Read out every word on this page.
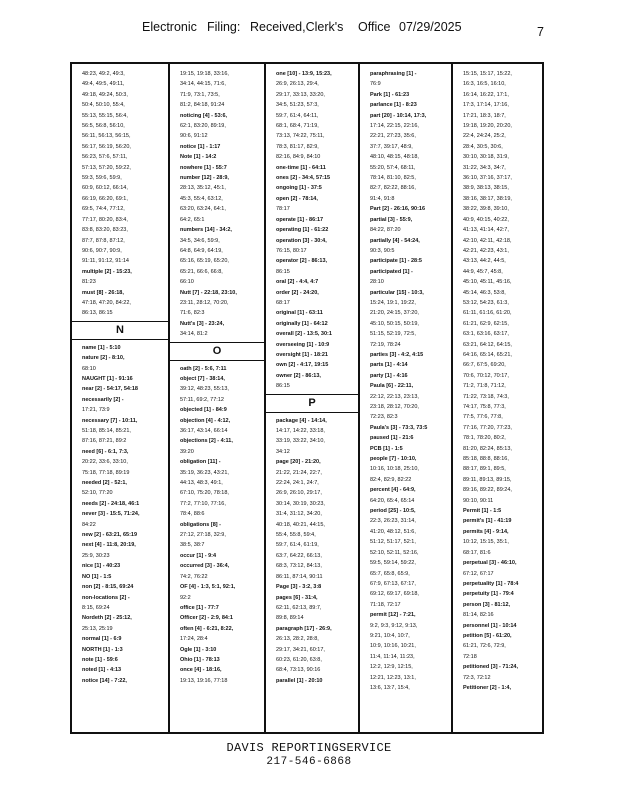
Electronic Filing: Received,Clerk's Office 07/29/2025	7
48:23, 49:2, 49:3,
49:4, 49:5, 49:11,
49:18, 49:24, 50:3,
50:4, 50:10, 55:4,
55:13, 55:15, 56:4,
56:5, 56:8, 56:10,
56:11, 56:13, 56:15,
56:17, 56:19, 56:20,
56:23, 57:6, 57:11,
57:13, 57:20, 59:22,
59:3, 59:6, 59:9,
60:9, 60:12, 66:14,
66:19, 66:20, 69:1,
69:5, 74:4, 77:12,
77:17, 80:20, 83:4,
83:8, 83:20, 83:23,
87:7, 87:8, 87:12,
90:6, 90:7, 90:9,
91:11, 91:12, 91:14
multiple [2] - 15:23,
81:23
must [8] - 26:18,
47:18, 47:20, 84:22,
86:13, 86:15
N
name [1] - 5:10
nature [2] - 8:10,
68:10
NAUGHT [1] - 91:16
near [2] - 54:17, 54:18
necessarily [2] -
17:21, 73:9
necessary [7] - 10:11,
51:18, 85:14, 85:21,
87:16, 87:21, 89:2
need [6] - 6:1, 7:3,
20:22, 33:6, 33:10,
75:18, 77:18, 89:19
needed [2] - 52:1,
52:10, 77:20
needs [2] - 24:18, 46:1
never [3] - 15:5, 71:24,
84:22
new [2] - 63:21, 65:19
next [4] - 11:8, 20:19,
25:9, 30:23
nice [1] - 40:23
NO [1] - 1:5
non [2] - 8:15, 69:24
non-locations [2] -
8:15, 69:24
Nordeth [2] - 25:12,
25:13, 25:19
normal [1] - 6:9
NORTH [1] - 1:3
note [1] - 59:6
noted [1] - 4:13
notice [14] - 7:22,
19:15, 19:18, 33:16,
34:14, 44:15, 71:6,
71:9, 73:1, 73:5,
81:2, 84:18, 91:24
noticing [4] - 53:6,
62:1, 83:20, 89:19,
90:6, 91:12
notice [1] - 1:17
Note [1] - 14:2
nowhere [1] - 55:7
number [12] - 28:9,
28:13, 35:12, 45:1,
45:3, 55:4, 63:12,
63:20, 63:24, 64:1,
64:2, 65:1
numbers [14] - 34:2,
34:5, 34:6, 59:9,
64:8, 64:9, 64:19,
65:16, 65:19, 65:20,
65:21, 66:6, 66:8,
66:10
Nutt [7] - 22:18, 23:10,
23:11, 28:12, 70:20,
71:6, 82:3
Nutt's [3] - 23:24,
34:14, 81:2
O
oath [2] - 5:6, 7:11
object [7] - 38:14,
39:12, 48:23, 55:13,
57:11, 69:2, 77:12
objected [1] - 84:9
objection [4] - 4:12,
36:17, 43:14, 66:14
objections [2] - 4:11,
39:20
obligation [11] -
35:19, 36:23, 43:21,
44:13, 48:3, 49:1,
67:10, 75:20, 78:18,
77:2, 77:10, 77:16,
78:4, 88:6
obligations [8] -
27:12, 27:18, 32:9,
38:5, 38:7
occur [1] - 9:4
occurred [3] - 36:4,
74:2, 76:22
OF [4] - 1:3, 5:1, 92:1,
92:2
office [1] - 77:7
Officer [2] - 2:9, 84:1
often [4] - 6:21, 8:22,
17:24, 28:4
Ogle [1] - 3:10
Ohio [1] - 78:13
once [4] - 18:16,
19:13, 19:16, 77:18
one [10] - 13:9, 15:23,
26:9, 26:13, 29:4,
29:17, 33:13, 33:20,
34:5, 51:23, 57:3,
59:7, 61:4, 64:11,
68:1, 68:4, 71:19,
73:13, 74:22, 75:11,
78:3, 81:17, 82:9,
82:16, 84:9, 84:10
one-time [1] - 64:11
ones [2] - 34:4, 57:15
ongoing [1] - 37:5
open [2] - 78:14,
78:17
operate [1] - 86:17
operating [1] - 61:22
operation [3] - 30:4,
76:15, 80:17
operator [2] - 86:13,
86:15
oral [2] - 4:4, 4:7
order [2] - 24:20,
68:17
original [1] - 63:11
originally [1] - 64:12
overall [2] - 13:5, 30:1
overseeing [1] - 10:9
oversight [1] - 18:21
own [2] - 4:17, 19:15
owner [2] - 86:13,
86:15
P
package [4] - 14:14,
14:17, 14:22, 33:18,
33:19, 33:22, 34:10,
34:12
page [20] - 21:20,
21:22, 21:24, 22:7,
22:24, 24:1, 24:7,
26:9, 26:10, 29:17,
30:14, 30:19, 30:23,
31:4, 31:12, 34:20,
40:18, 40:21, 44:15,
55:4, 55:8, 59:4,
59:7, 61:4, 61:19,
63:7, 64:22, 66:13,
68:3, 73:12, 84:13,
86:11, 87:14, 90:11
Page [3] - 3:2, 3:8
pages [6] - 31:4,
62:11, 62:13, 89:7,
89:8, 89:14
paragraph [17] - 26:9,
26:13, 28:2, 28:8,
29:17, 34:21, 60:17,
60:23, 61:20, 63:8,
68:4, 73:13, 90:16
parallel [1] - 20:10
paraphrasing [1] -
76:9
Park [1] - 61:23
parlance [1] - 8:23
part [20] - 10:14, 17:3,
17:14, 22:15, 22:16,
22:21, 27:23, 35:6,
37:7, 39:17, 48:9,
48:10, 48:15, 48:18,
55:20, 57:4, 68:11,
78:14, 81:10, 82:5,
82:7, 82:22, 88:16,
91:4, 91:8
Part [2] - 26:16, 90:16
partial [3] - 55:9,
84:22, 87:20
partially [4] - 54:24,
90:3, 90:5
participate [1] - 28:5
participated [1] -
28:10
particular [15] - 10:3,
15:24, 19:1, 19:22,
21:20, 24:15, 37:20,
45:10, 50:15, 50:19,
51:15, 52:19, 72:5,
72:19, 78:24
parties [3] - 4:2, 4:15
parts [1] - 4:14
party [1] - 4:16
Paula [6] - 22:11,
22:12, 22:13, 23:13,
23:18, 28:12, 70:20,
72:23, 82:3
Paula's [3] - 73:3, 73:5
paused [1] - 21:6
PCB [1] - 1:5
people [7] - 10:10,
10:16, 10:18, 25:10,
82:4, 82:9, 82:22
percent [4] - 64:9,
64:20, 65:4, 65:14
period [25] - 10:5,
22:3, 26:23, 31:14,
41:20, 48:12, 51:6,
51:12, 51:17, 52:1,
52:10, 52:11, 52:16,
59:5, 59:14, 59:22,
65:7, 65:8, 65:9,
67:9, 67:13, 67:17,
69:12, 69:17, 69:18,
71:18, 72:17
permit [12] - 7:21,
9:2, 9:3, 9:12, 9:13,
9:21, 10:4, 10:7,
10:9, 10:16, 10:21,
11:4, 11:14, 11:23,
12:2, 12:9, 12:15,
12:21, 12:23, 13:1,
13:6, 13:7, 15:4,
15:15, 15:17, 15:22,
16:3, 16:5, 16:10,
16:14, 16:22, 17:1,
17:3, 17:14, 17:16,
17:21, 18:3, 18:7,
19:18, 19:20, 20:20,
22:4, 24:24, 25:2,
28:4, 30:5, 30:6,
30:10, 30:18, 31:9,
31:22, 34:3, 34:7,
36:10, 37:16, 37:17,
38:9, 38:13, 38:15,
38:16, 38:17, 38:19,
38:22, 39:8, 39:10,
40:9, 40:15, 40:22,
41:13, 41:14, 42:7,
42:10, 42:11, 42:18,
42:21, 42:23, 43:1,
43:13, 44:2, 44:5,
44:9, 45:7, 45:8,
45:10, 45:11, 45:16,
45:14, 46:3, 53:8,
53:12, 54:23, 61:3,
61:11, 61:16, 61:20,
61:21, 62:9, 62:15,
63:1, 63:16, 63:17,
63:21, 64:12, 64:15,
64:16, 65:14, 65:21,
66:7, 67:5, 69:20,
70:6, 70:12, 70:17,
71:2, 71:8, 71:12,
71:22, 73:18, 74:3,
74:17, 75:8, 77:3,
77:5, 77:6, 77:8,
77:16, 77:20, 77:23,
78:1, 78:20, 80:2,
81:20, 82:24, 85:13,
85:18, 88:8, 88:16,
88:17, 89:1, 89:5,
89:11, 89:13, 89:15,
89:16, 89:22, 89:24,
90:10, 90:11
Permit [1] - 1:5
permit's [1] - 41:19
permits [4] - 9:14,
10:12, 15:15, 35:1,
68:17, 81:6
perpetual [3] - 46:10,
67:12, 67:17
perpetuality [1] - 78:4
perpetuity [1] - 79:4
person [3] - 81:12,
81:14, 82:16
personnel [1] - 10:14
petition [5] - 61:20,
61:21, 72:6, 72:9,
72:18
petitioned [3] - 71:24,
72:3, 72:12
Petitioner [2] - 1:4,
DAVIS REPORTINGSERVICE
217-546-6868
